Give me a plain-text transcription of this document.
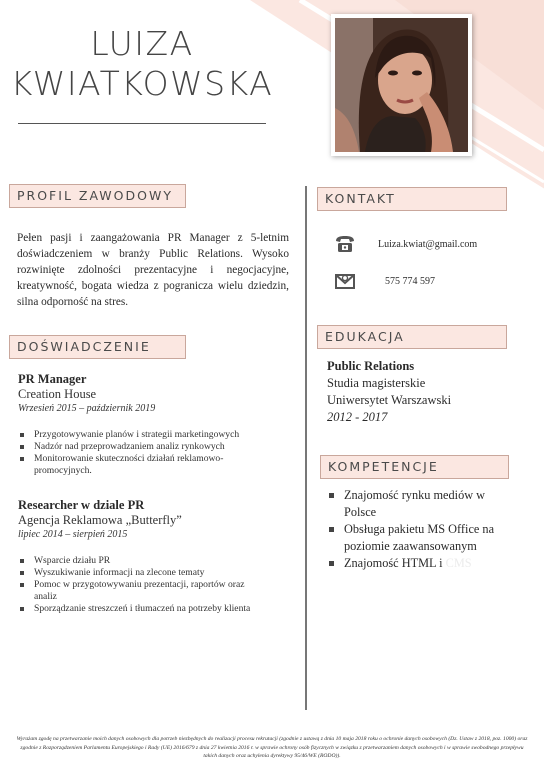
LUIZA
KWIATKOWSKA
PROFIL ZAWODOWY

Pełen pasji i zaangażowania PR Manager z 5-letnim doświadczeniem w branży Public Relations. Wysoko rozwinięte zdolności prezentacyjne i negocjacyjne, kreatywność, bogata wiedza z pogranicza wielu dziedzin, silna odporność na stres.

DOŚWIADCZENIE
PR Manager
Creation House
Wrzesień 2015 – październik 2019
Przygotowywanie planów i strategii marketingowych
Nadzór nad przeprowadzaniem analiz rynkowych
Monitorowanie skuteczności działań reklamowo-promocyjnych.
Researcher w dziale PR
Agencja Reklamowa „Butterfly”
lipiec 2014 – sierpień 2015
Wsparcie działu PR
Wyszukiwanie informacji na zlecone tematy
Pomoc w przygotowywaniu prezentacji, raportów oraz analiz
Sporządzanie streszczeń i tłumaczeń na potrzeby klienta
KONTAKT
Luiza.kwiat@gmail.com
575 774 597
EDUKACJA
Public Relations
Studia magisterskie
Uniwersytet Warszawski
2012 - 2017
KOMPETENCJE
Znajomość rynku mediów w Polsce
Obsługa pakietu MS Office na poziomie zaawansowanym
Znajomość HTML i CMS
Wyrażam zgodę na przetwarzanie moich danych osobowych dla potrzeb niezbędnych do realizacji procesu rekrutacji (zgodnie z ustawą z dnia 10 maja 2018 roku o ochronie danych osobowych (Dz. Ustaw z 2018, poz. 1000) oraz zgodnie z Rozporządzeniem Parlamentu Europejskiego i Rady (UE) 2016/679 z dnia 27 kwietnia 2016 r. w sprawie ochrony osób fizycznych w związku z przetwarzaniem danych osobowych i w sprawie swobodnego przepływu takich danych oraz uchylenia dyrektywy 95/46/WE (RODO)).
